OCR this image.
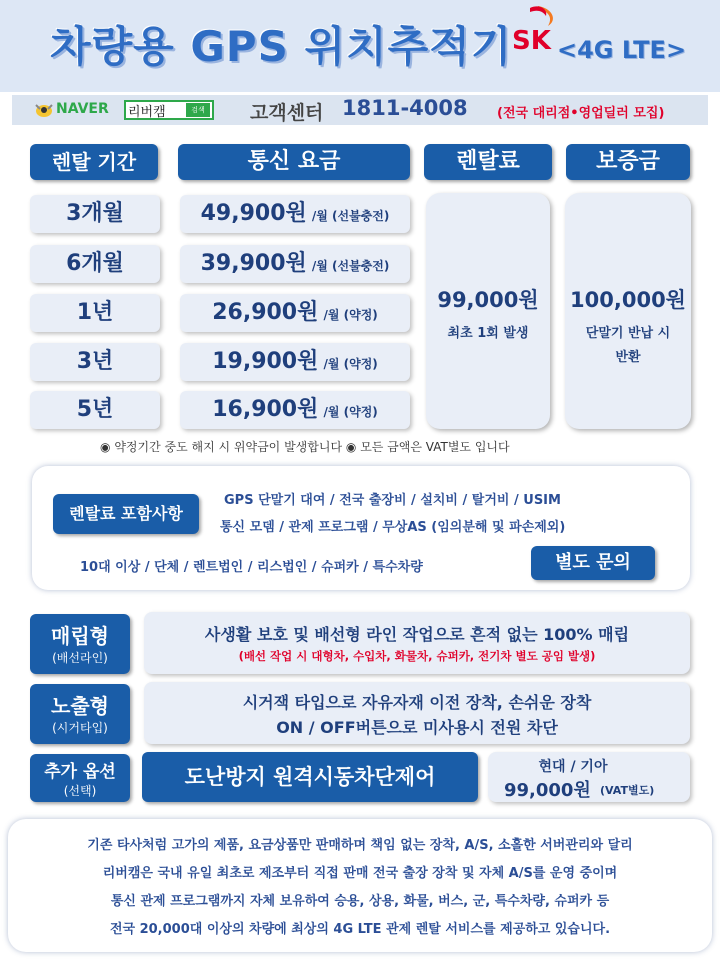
차량용 GPS 위치추적기 SK <4G LTE>
NAVER 리버캠	검색 고객센터 1811-4008 (전국 대리점•영업딜러 모집)
렌탈 기간	통신 요금	렌탈료	보증금
3개월	49,900원 /월 (선불충전)
6개월	39,900원 /월 (선불충전)
1년	26,900원 /월 (약정)
3년	19,900원 /월 (약정)
5년	16,900원 /월 (약정)
99,000원
최초 1회 발생
100,000원
단말기 반납 시
반환
◉ 약정기간 중도 해지 시 위약금이 발생합니다 ◉ 모든 금액은 VAT별도 입니다
렌탈료 포함사항
GPS 단말기 대여 / 전국 출장비 / 설치비 / 탈거비 / USIM
통신 모뎀 / 관제 프로그램 / 무상AS (임의분해 및 파손제외)
10대 이상 / 단체 / 렌트법인 / 리스법인 / 슈퍼카 / 특수차량	별도 문의
매립형
(배선라인)
사생활 보호 및 배선형 라인 작업으로 흔적 없는 100% 매립
(배선 작업 시 대형차, 수입차, 화물차, 슈퍼카, 전기차 별도 공임 발생)
노출형
(시거타입)
시거잭 타입으로 자유자재 이전 장착, 손쉬운 장착
ON / OFF버튼으로 미사용시 전원 차단
추가 옵션
(선택)
도난방지 원격시동차단제어	현대 / 기아
99,000원 (VAT별도)
기존 타사처럼 고가의 제품, 요금상품만 판매하며 책임 없는 장착, A/S, 소홀한 서버관리와 달리
리버캠은 국내 유일 최초로 제조부터 직접 판매 전국 출장 장착 및 자체 A/S를 운영 중이며
통신 관제 프로그램까지 자체 보유하여 승용, 상용, 화물, 버스, 군, 특수차량, 슈퍼카 등
전국 20,000대 이상의 차량에 최상의 4G LTE 관제 렌탈 서비스를 제공하고 있습니다.
